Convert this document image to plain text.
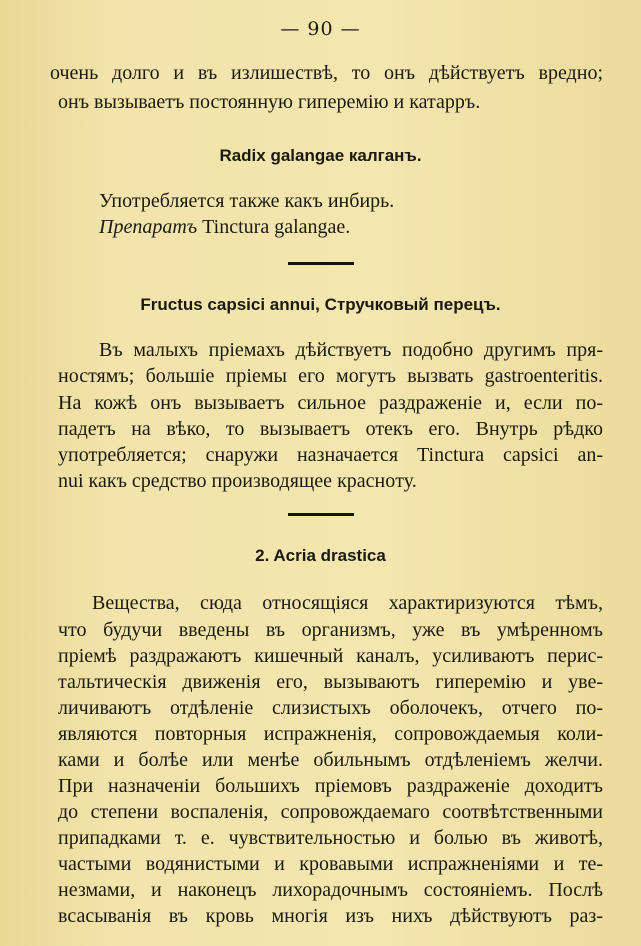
— 90 —
очень долго и въ излишествѣ, то онъ дѣйствуетъ вредно;
онъ вызываетъ постоянную гиперемію и катарръ.
Radix galangae калганъ.
Употребляется также какъ инбирь.
Препаратъ Tinctura galangae.
Fructus capsici annui, Стручковый перецъ.
Въ малыхъ пріемахъ дѣйствуетъ подобно другимъ пря-
ностямъ; большіе пріемы его могутъ вызвать gastroenteritis.
На кожѣ онъ вызываетъ сильное раздраженіе и, если по-
падетъ на вѣко, то вызываетъ отекъ его. Внутрь рѣдко
употребляется; снаружи назначается Tinctura capsici an-
nui какъ средство производящее краснoту.
2. Acria drastica
Вещества, сюда относящіяся характиризуются тѣмъ,
что будучи введены въ организмъ, уже въ умѣренномъ
пріемѣ раздражаютъ кишечный каналъ, усиливаютъ перис-
тальтическія движенія его, вызываютъ гиперемію и уве-
личиваютъ отдѣленіе слизистыхъ оболочекъ, отчего по-
являются повторныя испражненія, сопровождаемыя коли-
ками и болѣе или менѣе обильнымъ отдѣленіемъ желчи.
При назначеніи большихъ пріемовъ раздраженіе доходитъ
до степени воспаленія, сопровождаемаго соотвѣтственными
припадками т. е. чувствительностью и болью въ животѣ,
частыми водянистыми и кровавыми испражненіями и те-
незмами, и наконецъ лихорадочнымъ состояніемъ. Послѣ
всасыванія въ кровь многія изъ нихъ дѣйствуютъ раз-
